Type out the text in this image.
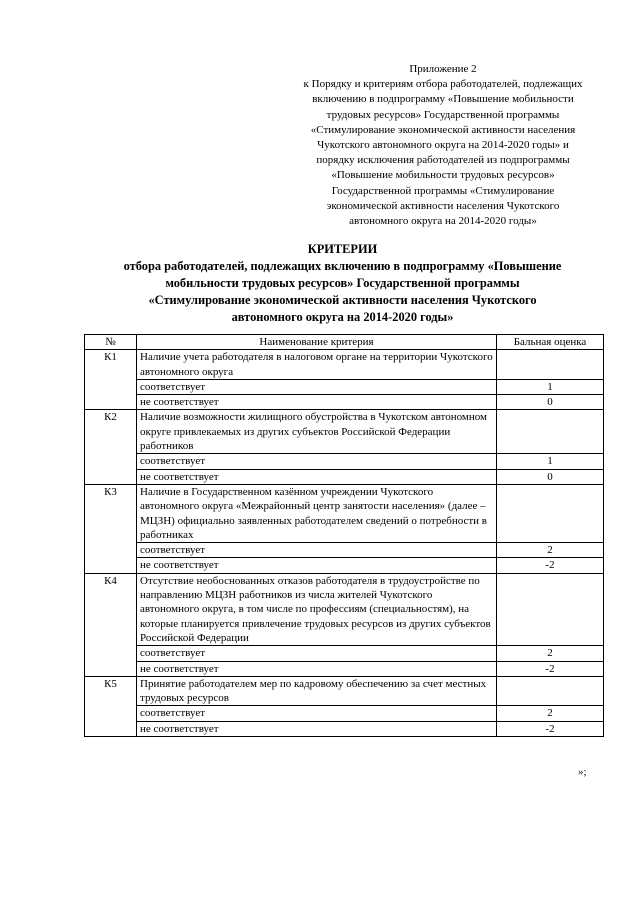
Приложение 2
к Порядку и критериям отбора работодателей, подлежащих
включению в подпрограмму «Повышение мобильности
трудовых ресурсов» Государственной программы
«Стимулирование экономической активности населения
Чукотского автономного округа на 2014-2020 годы» и
порядку исключения работодателей из подпрограммы
«Повышение мобильности трудовых ресурсов»
Государственной программы «Стимулирование
экономической активности населения Чукотского
автономного округа на 2014-2020 годы»
КРИТЕРИИ
отбора работодателей, подлежащих включению в подпрограмму «Повышение
мобильности трудовых ресурсов» Государственной программы
«Стимулирование экономической активности населения Чукотского
автономного округа на 2014-2020 годы»
№	Наименование критерия	Бальная оценка
К1	Наличие учета работодателя в налоговом органе на территории Чукотского автономного округа	
	соответствует	1
	не соответствует	0
К2	Наличие возможности жилищного обустройства в Чукотском автономном округе привлекаемых из других субъектов Российской Федерации работников	
	соответствует	1
	не соответствует	0
К3	Наличие в Государственном казённом учреждении Чукотского автономного округа «Межрайонный центр занятости населения» (далее – МЦЗН) официально заявленных работодателем сведений о потребности в работниках	
	соответствует	2
	не соответствует	-2
К4	Отсутствие необоснованных отказов работодателя в трудоустройстве по направлению МЦЗН работников из числа жителей Чукотского автономного округа, в том числе по профессиям (специальностям), на которые планируется привлечение трудовых ресурсов из других субъектов Российской Федерации	
	соответствует	2
	не соответствует	-2
К5	Принятие работодателем мер по кадровому обеспечению за счет местных трудовых ресурсов	
	соответствует	2
	не соответствует	-2
»;
